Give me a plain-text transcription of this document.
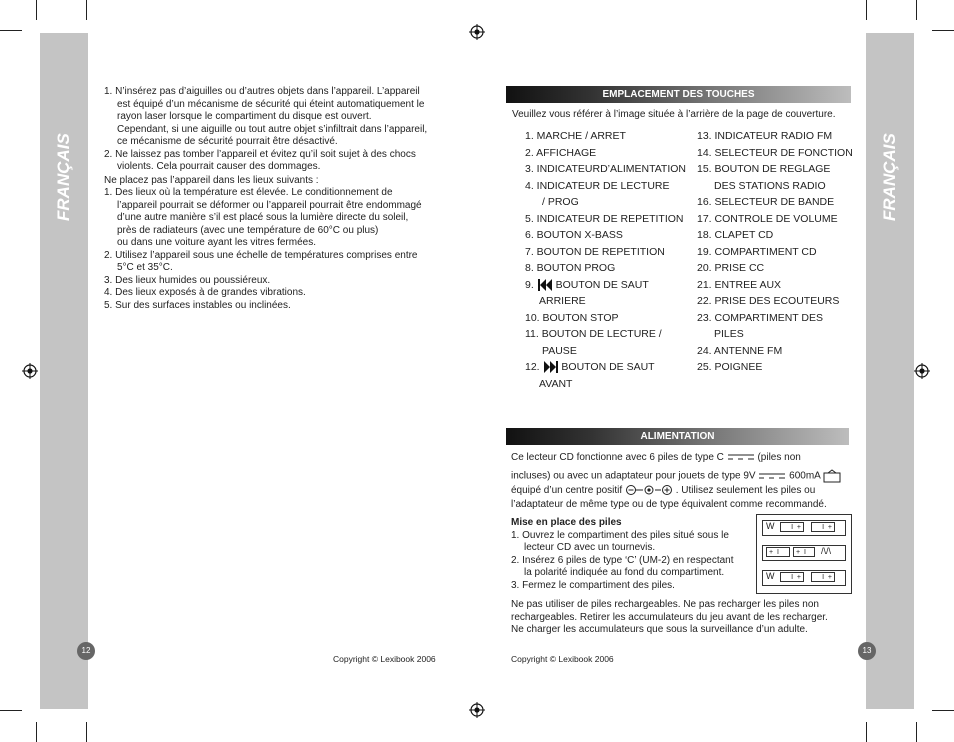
FRANÇAIS	FRANÇAIS
1. N’insérez pas d’aiguilles ou d’autres objets dans l’appareil. L’appareil
est équipé d’un mécanisme de sécurité qui éteint automatiquement le
rayon laser lorsque le compartiment du disque est ouvert.
Cependant, si une aiguille ou tout autre objet s’infiltrait dans l’appareil,
ce mécanisme de sécurité pourrait être désactivé.
2. Ne laissez pas tomber l’appareil et évitez qu’il soit sujet à des chocs
violents. Cela pourrait causer des dommages.

Ne placez pas l’appareil dans les lieux suivants :

1. Des lieux où la température est élevée. Le conditionnement de
l’appareil pourrait se déformer ou l’appareil pourrait être endommagé
d’une autre manière s’il est placé sous la lumière directe du soleil,
près de radiateurs (avec une température de 60°C ou plus)
ou dans une voiture ayant les vitres fermées.
2. Utilisez l’appareil sous une échelle de températures comprises entre
5°C et 35°C.
3. Des lieux humides ou poussiéreux.
4. Des lieux exposés à de grandes vibrations.
5. Sur des surfaces instables ou inclinées.
12
Copyright © Lexibook 2006
EMPLACEMENT DES TOUCHES

Veuillez vous référer à l’image située à l’arrière de la page de couverture.

1. MARCHE / ARRET
2. AFFICHAGE
3. INDICATEURD’ALIMENTATION
4. INDICATEUR DE LECTURE
/ PROG
5. INDICATEUR DE REPETITION
6. BOUTON X-BASS
7. BOUTON DE REPETITION
8. BOUTON PROG
9.  BOUTON DE SAUT
ARRIERE
10. BOUTON STOP
11. BOUTON DE LECTURE /
PAUSE
12.  BOUTON DE SAUT
AVANT
13. INDICATEUR RADIO FM
14. SELECTEUR DE FONCTION
15. BOUTON DE REGLAGE
DES STATIONS RADIO
16. SELECTEUR DE BANDE
17. CONTROLE DE VOLUME
18. CLAPET CD
19. COMPARTIMENT CD
20. PRISE CC
21. ENTREE AUX
22. PRISE DES ECOUTEURS
23. COMPARTIMENT DES
PILES
24. ANTENNE FM
25. POIGNEE
ALIMENTATION
Ce lecteur CD fonctionne avec 6 piles de type C	(piles non
incluses) ou avec un adaptateur pour jouets de type 9V	600mA
équipé d’un centre positif	. Utilisez seulement les piles ou
l’adaptateur de même type ou de type équivalent comme recommandé.

Mise en place des piles

1. Ouvrez le compartiment des piles situé sous le
lecteur CD avec un tournevis.
2. Insérez 6 piles de type ‘C’ (UM-2) en respectant
la polarité indiquée au fond du compartiment.
3. Fermez le compartiment des piles.
W	I  +	I  +
+  I	+  I	/\/\
W	I  +	I  +
Ne pas utiliser de piles rechargeables. Ne pas recharger les piles non
rechargeables. Retirer les accumulateurs du jeu avant de les recharger.
Ne charger les accumulateurs que sous la surveillance d’un adulte.
13
Copyright © Lexibook 2006
